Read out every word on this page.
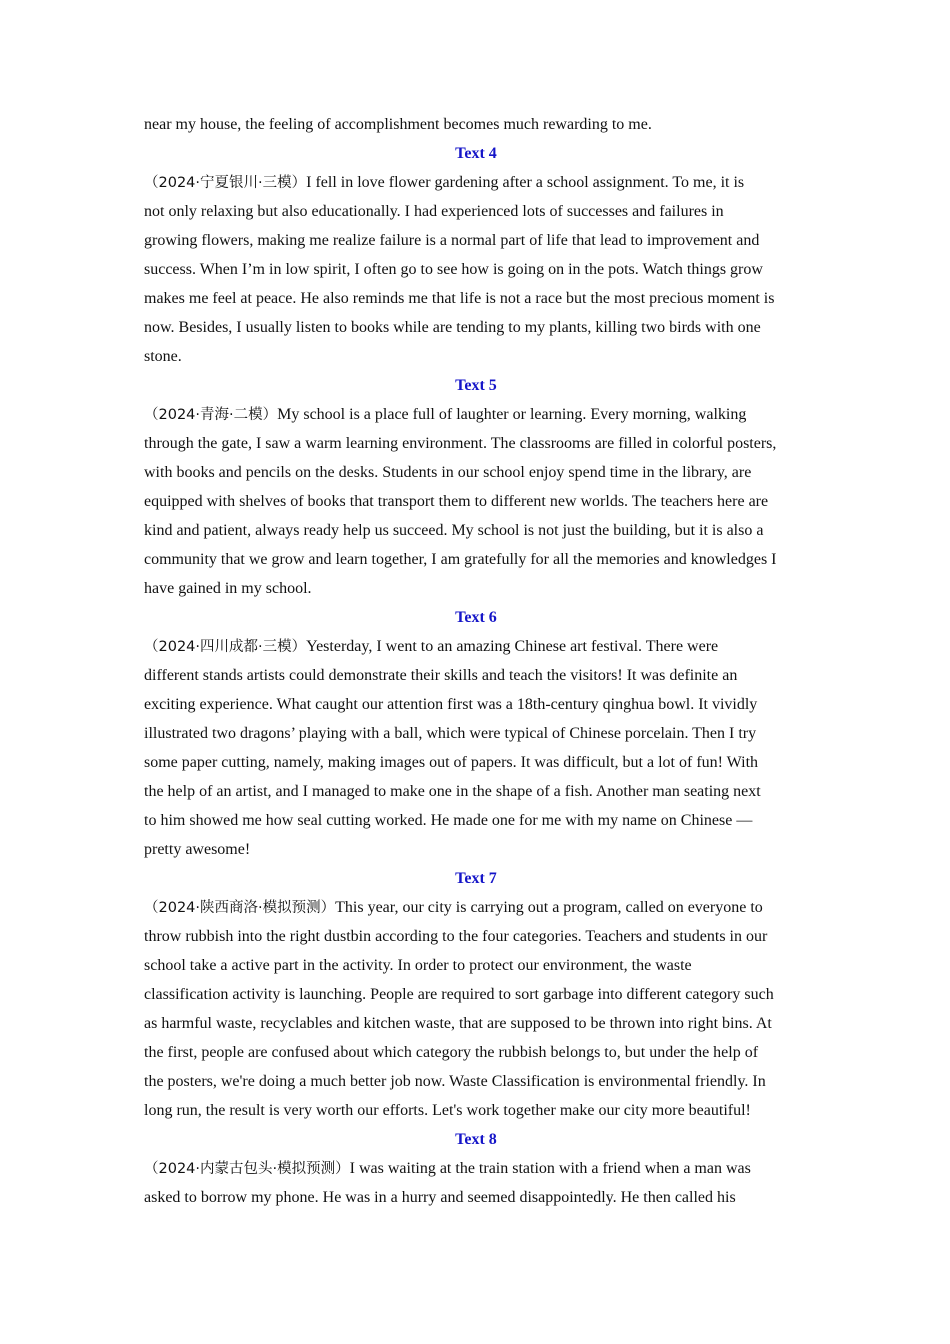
near my house, the feeling of accomplishment becomes much rewarding to me.
Text 4
（2024·宁夏银川·三模）I fell in love flower gardening after a school assignment. To me, it is
not only relaxing but also educationally. I had experienced lots of successes and failures in
growing flowers, making me realize failure is a normal part of life that lead to improvement and
success. When I’m in low spirit, I often go to see how is going on in the pots. Watch things grow
makes me feel at peace. He also reminds me that life is not a race but the most precious moment is
now. Besides, I usually listen to books while are tending to my plants, killing two birds with one
stone.
Text 5
（2024·青海·二模）My school is a place full of laughter or learning. Every morning, walking
through the gate, I saw a warm learning environment. The classrooms are filled in colorful posters,
with books and pencils on the desks. Students in our school enjoy spend time in the library, are
equipped with shelves of books that transport them to different new worlds. The teachers here are
kind and patient, always ready help us succeed. My school is not just the building, but it is also a
community that we grow and learn together, I am gratefully for all the memories and knowledges I
have gained in my school.
Text 6
（2024·四川成都·三模）Yesterday, I went to an amazing Chinese art festival. There were
different stands artists could demonstrate their skills and teach the visitors! It was definite an
exciting experience. What caught our attention first was a 18th-century qinghua bowl. It vividly
illustrated two dragons’ playing with a ball, which were typical of Chinese porcelain. Then I try
some paper cutting, namely, making images out of papers. It was difficult, but a lot of fun! With
the help of an artist, and I managed to make one in the shape of a fish. Another man seating next
to him showed me how seal cutting worked. He made one for me with my name on Chinese —
pretty awesome!
Text 7
（2024·陕西商洛·模拟预测）This year, our city is carrying out a program, called on everyone to
throw rubbish into the right dustbin according to the four categories. Teachers and students in our
school take a active part in the activity. In order to protect our environment, the waste
classification activity is launching. People are required to sort garbage into different category such
as harmful waste, recyclables and kitchen waste, that are supposed to be thrown into right bins. At
the first, people are confused about which category the rubbish belongs to, but under the help of
the posters, we're doing a much better job now. Waste Classification is environmental friendly. In
long run, the result is very worth our efforts. Let's work together make our city more beautiful!
Text 8
（2024·内蒙古包头·模拟预测）I was waiting at the train station with a friend when a man was
asked to borrow my phone. He was in a hurry and seemed disappointedly. He then called his
